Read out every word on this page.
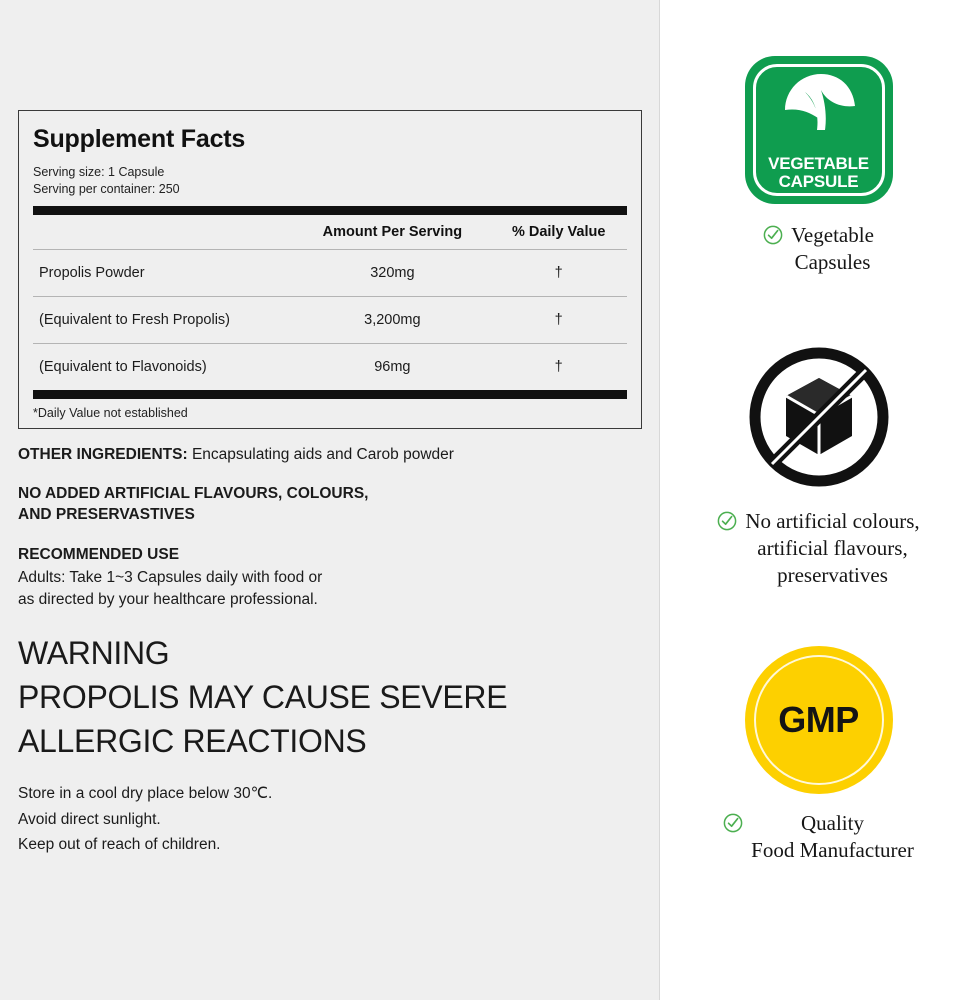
Supplement Facts
Serving size: 1 Capsule
Serving per container: 250
	Amount Per Serving	% Daily Value
Propolis Powder	320mg	†
(Equivalent to Fresh Propolis)	3,200mg	†
(Equivalent to Flavonoids)	96mg	†
*Daily Value not established
OTHER INGREDIENTS: Encapsulating aids and Carob powder
NO ADDED ARTIFICIAL FLAVOURS, COLOURS,
AND PRESERVASTIVES
RECOMMENDED USE
Adults: Take 1~3 Capsules daily with food or
as directed by your healthcare professional.
WARNING
PROPOLIS MAY CAUSE SEVERE
ALLERGIC REACTIONS
Store in a cool dry place below 30℃.
Avoid direct sunlight.
Keep out of reach of children.
VEGETABLE
CAPSULE
Vegetable
Capsules
No artificial colours,
artificial flavours,
preservatives
GMP
Quality
Food Manufacturer
